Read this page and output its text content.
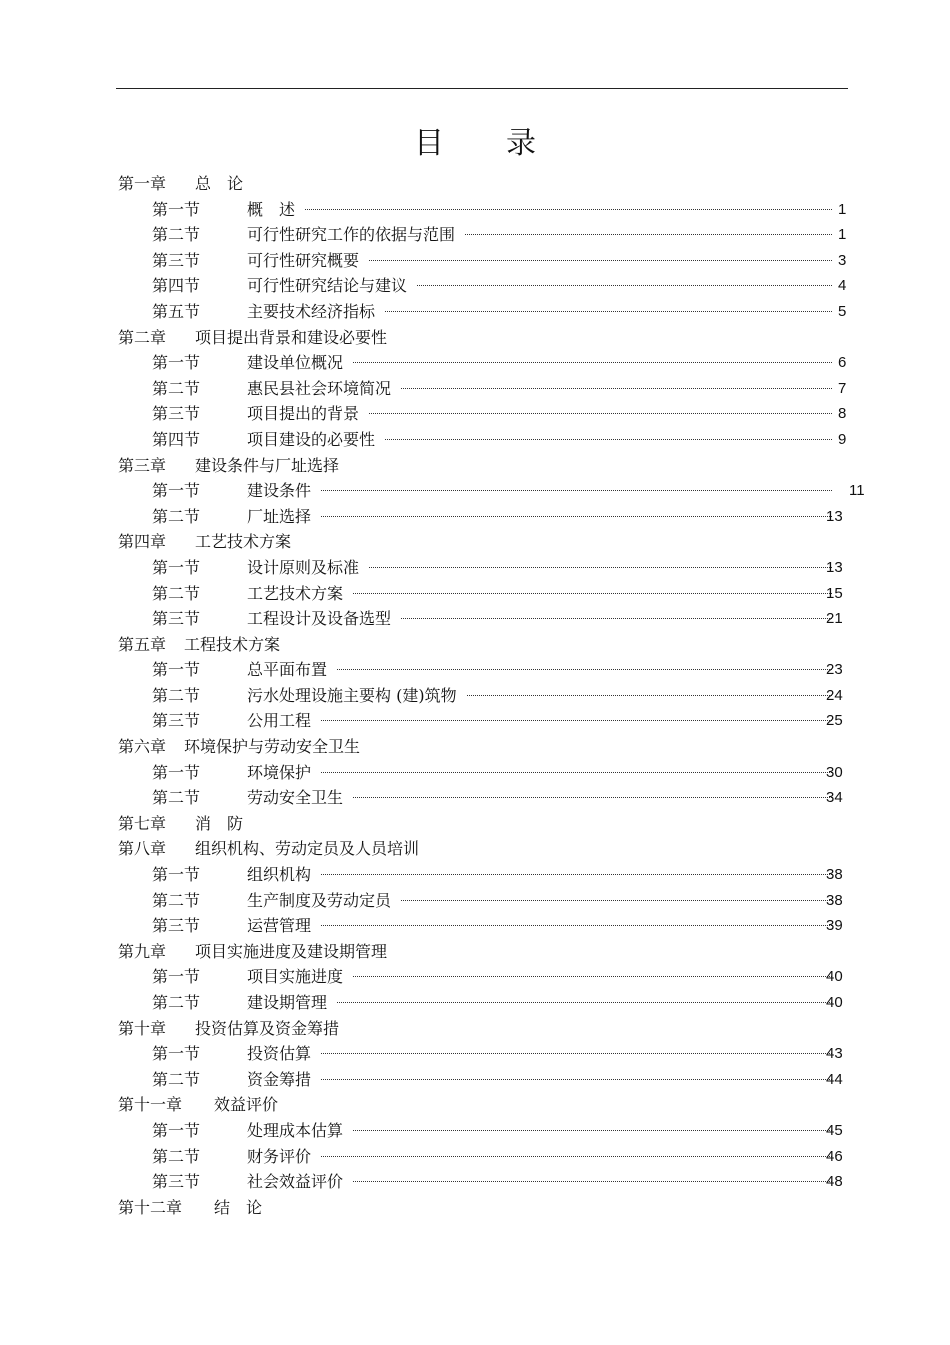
目 录
第一章 总　论
第一节	概　述	1
第二节	可行性研究工作的依据与范围	1
第三节	可行性研究概要	3
第四节	可行性研究结论与建议	4
第五节	主要技术经济指标	5
第二章 项目提出背景和建设必要性
第一节	建设单位概况	6
第二节	惠民县社会环境简况	7
第三节	项目提出的背景	8
第四节	项目建设的必要性	9
第三章 建设条件与厂址选择
第一节	建设条件	11
第二节	厂址选择	13
第四章 工艺技术方案
第一节	设计原则及标准	13
第二节	工艺技术方案	15
第三节	工程设计及设备选型	21
第五章 工程技术方案
第一节	总平面布置	23
第二节	污水处理设施主要构 (建)筑物	24
第三节	公用工程	25
第六章 环境保护与劳动安全卫生
第一节	环境保护	30
第二节	劳动安全卫生	34
第七章 消　防
第八章 组织机构、劳动定员及人员培训
第一节	组织机构	38
第二节	生产制度及劳动定员	38
第三节	运营管理	39
第九章 项目实施进度及建设期管理
第一节	项目实施进度	40
第二节	建设期管理	40
第十章 投资估算及资金筹措
第一节	投资估算	43
第二节	资金筹措	44
第十一章 效益评价
第一节	处理成本估算	45
第二节	财务评价	46
第三节	社会效益评价	48
第十二章 结　论
